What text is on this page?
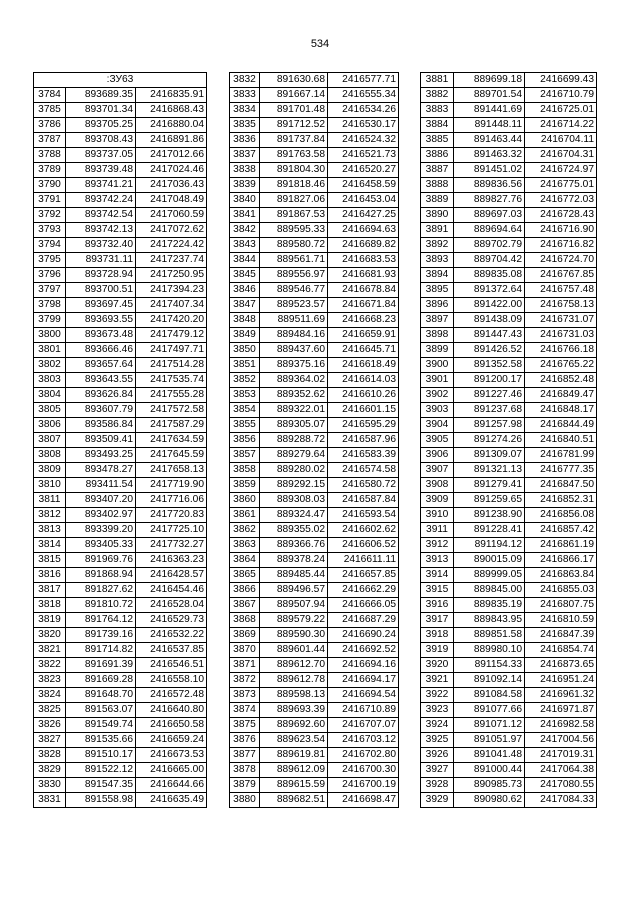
534
:ЗУ63		
3784	893689.35	2416835.91
3785	893701.34	2416868.43
3786	893705.25	2416880.04
3787	893708.43	2416891.86
3788	893737.05	2417012.66
3789	893739.48	2417024.46
3790	893741.21	2417036.43
3791	893742.24	2417048.49
3792	893742.54	2417060.59
3793	893742.13	2417072.62
3794	893732.40	2417224.42
3795	893731.11	2417237.74
3796	893728.94	2417250.95
3797	893700.51	2417394.23
3798	893697.45	2417407.34
3799	893693.55	2417420.20
3800	893673.48	2417479.12
3801	893666.46	2417497.71
3802	893657.64	2417514.28
3803	893643.55	2417535.74
3804	893626.84	2417555.28
3805	893607.79	2417572.58
3806	893586.84	2417587.29
3807	893509.41	2417634.59
3808	893493.25	2417645.59
3809	893478.27	2417658.13
3810	893411.54	2417719.90
3811	893407.20	2417716.06
3812	893402.97	2417720.83
3813	893399.20	2417725.10
3814	893405.33	2417732.27
3815	891969.76	2416363.23
3816	891868.94	2416428.57
3817	891827.62	2416454.46
3818	891810.72	2416528.04
3819	891764.12	2416529.73
3820	891739.16	2416532.22
3821	891714.82	2416537.85
3822	891691.39	2416546.51
3823	891669.28	2416558.10
3824	891648.70	2416572.48
3825	891563.07	2416640.80
3826	891549.74	2416650.58
3827	891535.66	2416659.24
3828	891510.17	2416673.53
3829	891522.12	2416665.00
3830	891547.35	2416644.66
3831	891558.98	2416635.49
3832	891630.68	2416577.71
3833	891667.14	2416555.34
3834	891701.48	2416534.26
3835	891712.52	2416530.17
3836	891737.84	2416524.32
3837	891763.58	2416521.73
3838	891804.30	2416520.27
3839	891818.46	2416458.59
3840	891827.06	2416453.04
3841	891867.53	2416427.25
3842	889595.33	2416694.63
3843	889580.72	2416689.82
3844	889561.71	2416683.53
3845	889556.97	2416681.93
3846	889546.77	2416678.84
3847	889523.57	2416671.84
3848	889511.69	2416668.23
3849	889484.16	2416659.91
3850	889437.60	2416645.71
3851	889375.16	2416618.49
3852	889364.02	2416614.03
3853	889352.62	2416610.26
3854	889322.01	2416601.15
3855	889305.07	2416595.29
3856	889288.72	2416587.96
3857	889279.64	2416583.39
3858	889280.02	2416574.58
3859	889292.15	2416580.72
3860	889308.03	2416587.84
3861	889324.47	2416593.54
3862	889355.02	2416602.62
3863	889366.76	2416606.52
3864	889378.24	2416611.11
3865	889485.44	2416657.85
3866	889496.57	2416662.29
3867	889507.94	2416666.05
3868	889579.22	2416687.29
3869	889590.30	2416690.24
3870	889601.44	2416692.52
3871	889612.70	2416694.16
3872	889612.78	2416694.17
3873	889598.13	2416694.54
3874	889693.39	2416710.89
3875	889692.60	2416707.07
3876	889623.54	2416703.12
3877	889619.81	2416702.80
3878	889612.09	2416700.30
3879	889615.59	2416700.19
3880	889682.51	2416698.47
3881	889699.18	2416699.43
3882	889701.54	2416710.79
3883	891441.69	2416725.01
3884	891448.11	2416714.22
3885	891463.44	2416704.11
3886	891463.32	2416704.31
3887	891451.02	2416724.97
3888	889836.56	2416775.01
3889	889827.76	2416772.03
3890	889697.03	2416728.43
3891	889694.64	2416716.90
3892	889702.79	2416716.82
3893	889704.42	2416724.70
3894	889835.08	2416767.85
3895	891372.64	2416757.48
3896	891422.00	2416758.13
3897	891438.09	2416731.07
3898	891447.43	2416731.03
3899	891426.52	2416766.18
3900	891352.58	2416765.22
3901	891200.17	2416852.48
3902	891227.46	2416849.47
3903	891237.68	2416848.17
3904	891257.98	2416844.49
3905	891274.26	2416840.51
3906	891309.07	2416781.99
3907	891321.13	2416777.35
3908	891279.41	2416847.50
3909	891259.65	2416852.31
3910	891238.90	2416856.08
3911	891228.41	2416857.42
3912	891194.12	2416861.19
3913	890015.09	2416866.17
3914	889999.05	2416863.84
3915	889845.00	2416855.03
3916	889835.19	2416807.75
3917	889843.95	2416810.59
3918	889851.58	2416847.39
3919	889980.10	2416854.74
3920	891154.33	2416873.65
3921	891092.14	2416951.24
3922	891084.58	2416961.32
3923	891077.66	2416971.87
3924	891071.12	2416982.58
3925	891051.97	2417004.56
3926	891041.48	2417019.31
3927	891000.44	2417064.38
3928	890985.73	2417080.55
3929	890980.62	2417084.33
